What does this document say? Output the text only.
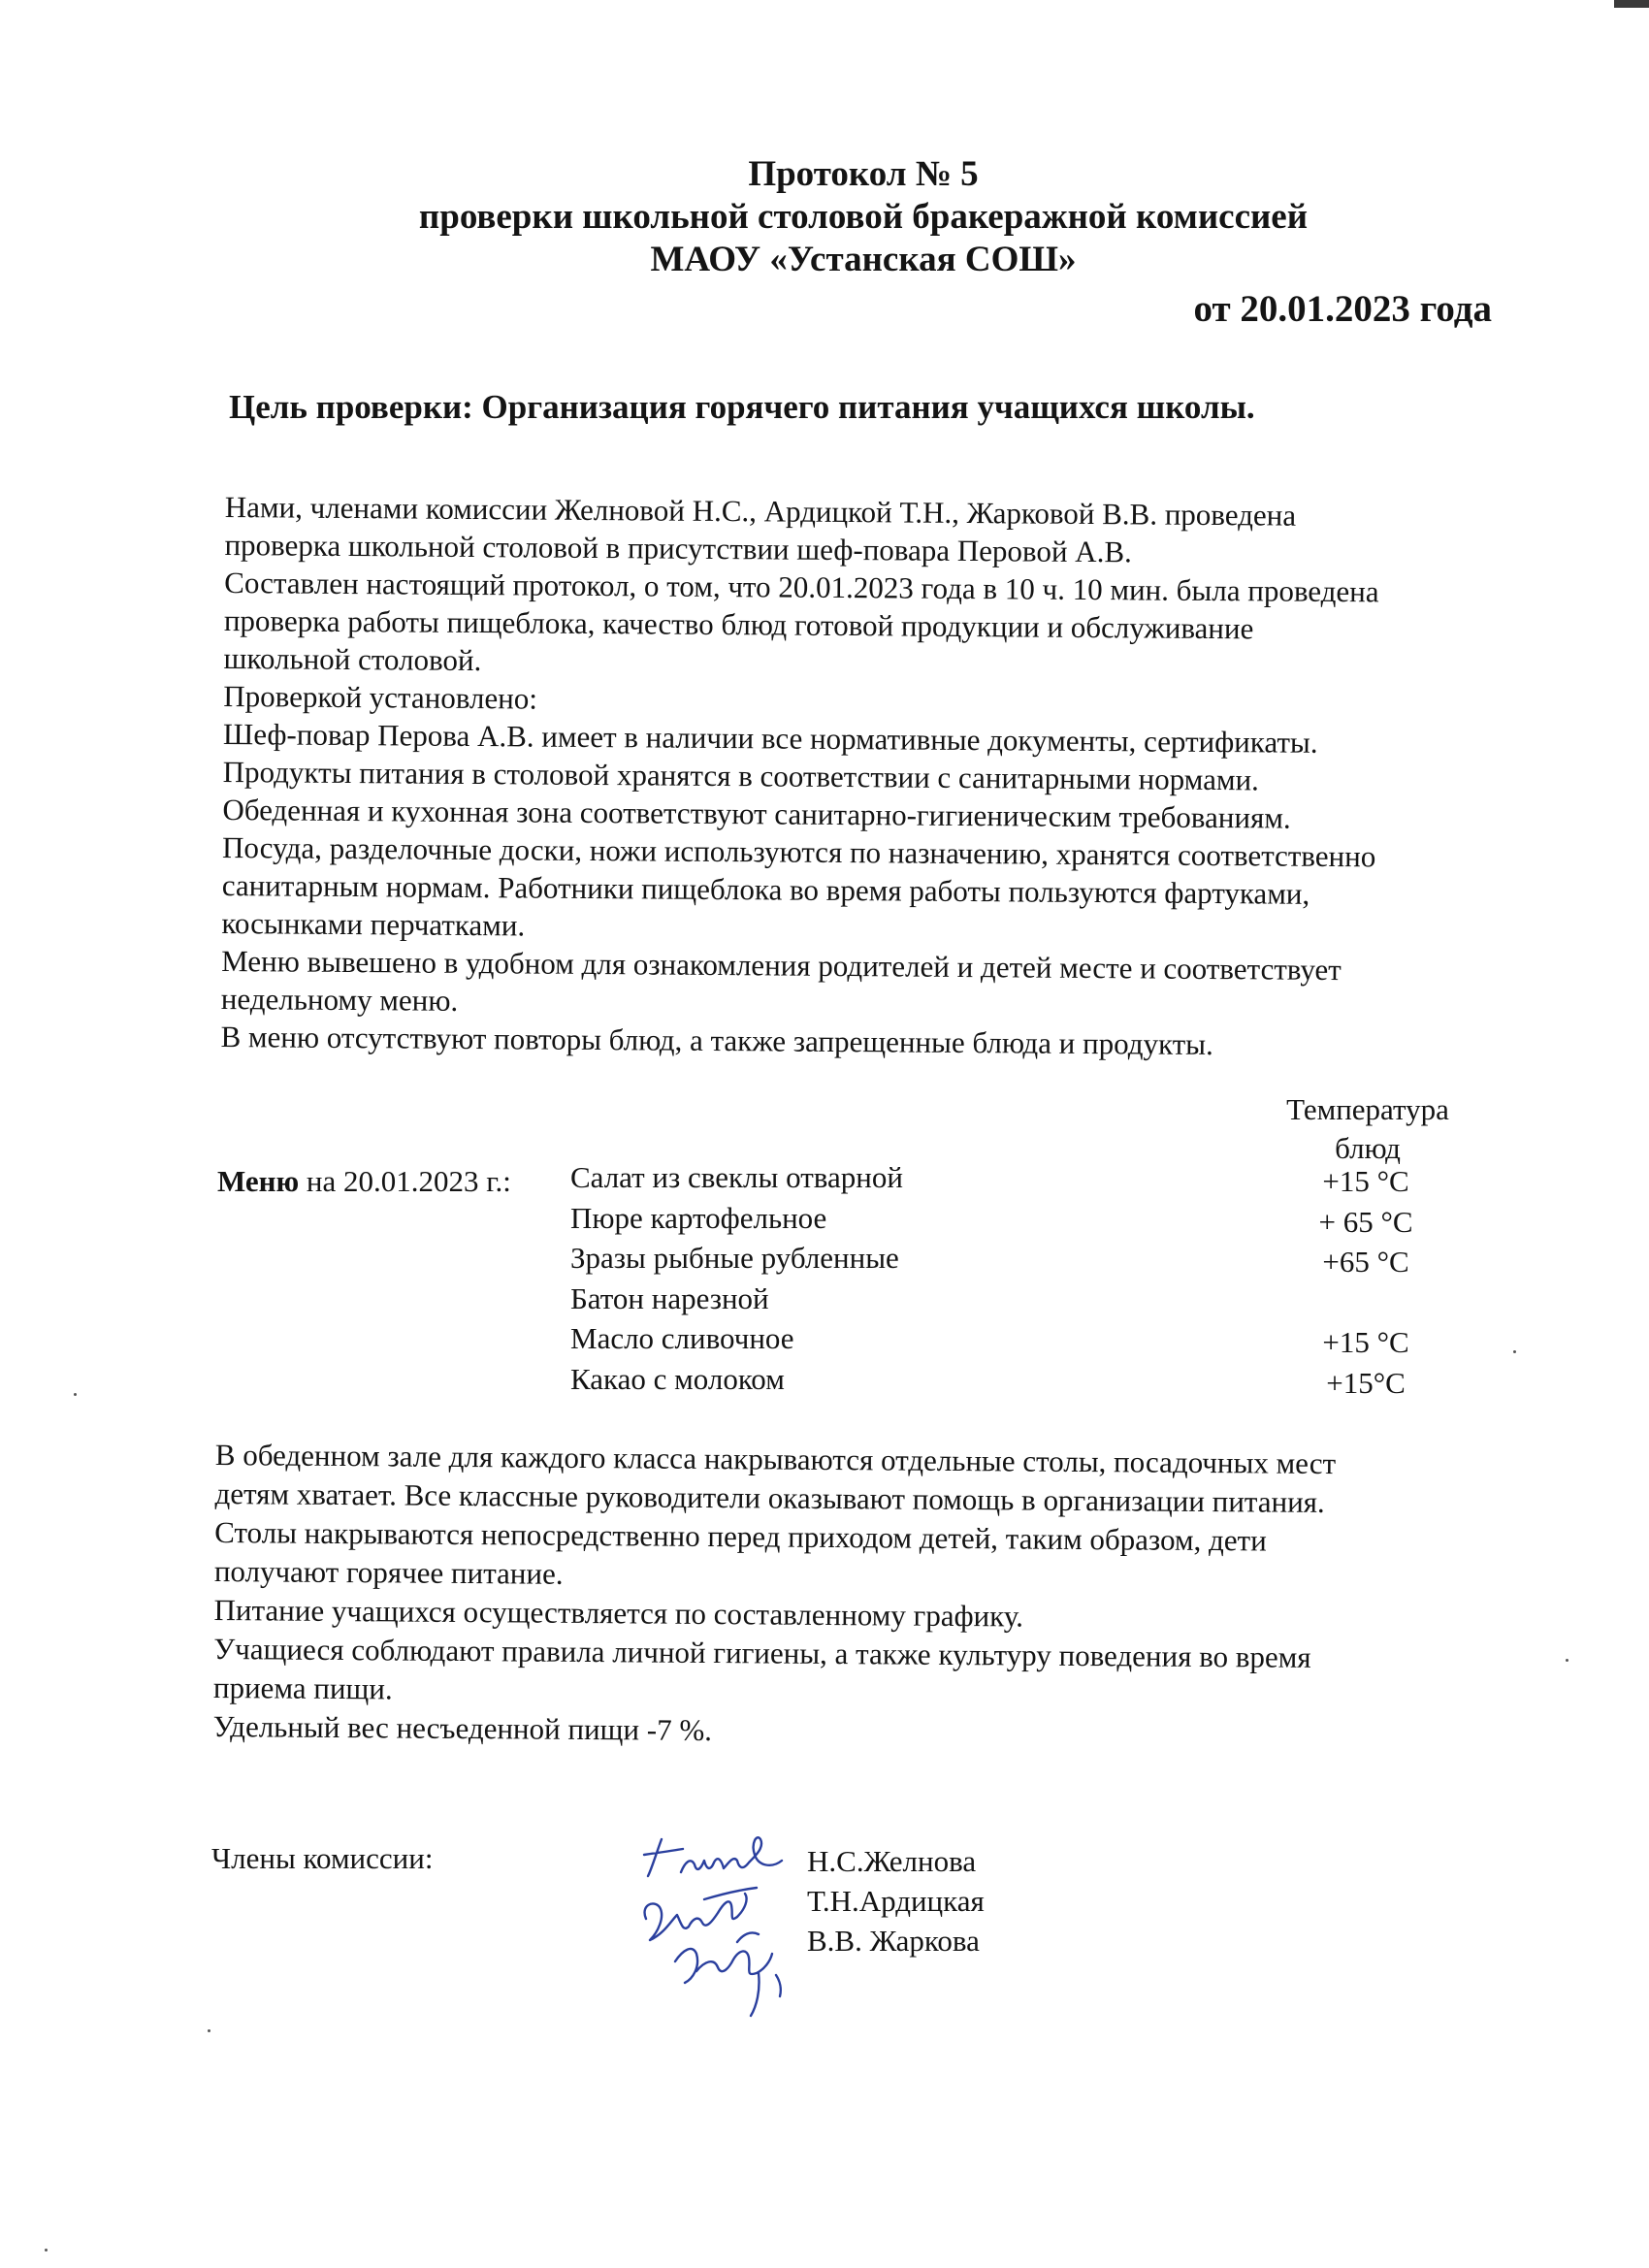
Протокол № 5
проверки школьной столовой бракеражной комиссией
МАОУ «Устанская СОШ»
от 20.01.2023 года
Цель проверки: Организация горячего питания учащихся школы.
Нами, членами комиссии Желновой Н.С., Ардицкой Т.Н., Жарковой В.В. проведена
проверка школьной столовой в присутствии шеф-повара Перовой А.В.
Составлен настоящий протокол, о том, что 20.01.2023 года в 10 ч. 10 мин. была проведена
проверка работы пищеблока, качество блюд готовой продукции и обслуживание
школьной столовой.
Проверкой установлено:
Шеф-повар Перова А.В. имеет в наличии все нормативные документы, сертификаты.
Продукты питания в столовой хранятся в соответствии с санитарными нормами.
Обеденная и кухонная зона соответствуют санитарно-гигиеническим требованиям.
Посуда, разделочные доски, ножи используются по назначению, хранятся соответственно
санитарным нормам. Работники пищеблока во время работы пользуются фартуками,
косынками перчатками.
Меню вывешено в удобном для ознакомления родителей и детей месте и соответствует
недельному меню.
В меню отсутствуют повторы блюд, а также запрещенные блюда и продукты.
Температура
блюд
Меню на 20.01.2023 г.: Салат из свеклы отварной	+15 °С
Пюре картофельное	+ 65 °С
Зразы рыбные рубленные	+65 °С
Батон нарезной
Масло сливочное	+15 °С
Какао с молоком	+15°С
В обеденном зале для каждого класса накрываются отдельные столы, посадочных мест
детям хватает. Все классные руководители оказывают помощь в организации питания.
Столы накрываются непосредственно перед приходом детей, таким образом, дети
получают горячее питание.
Питание учащихся осуществляется по составленному графику.
Учащиеся соблюдают правила личной гигиены, а также культуру поведения во время
приема пищи.
Удельный вес несъеденной пищи -7 %.
Члены комиссии:	Н.С.Желнова
Т.Н.Ардицкая
В.В. Жаркова
